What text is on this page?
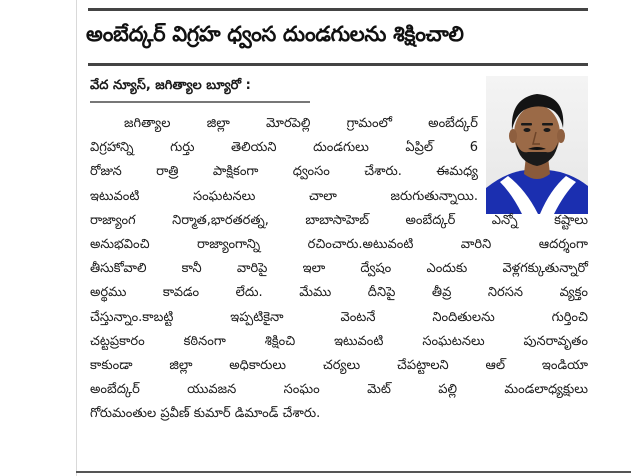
అంబేద్కర్ విగ్రహ ధ్వంస దుండగులను శిక్షించాలి
వేద న్యూస్, జగిత్యాల బ్యూరో :
జగిత్యాల జిల్లా మోరపెల్లి గ్రామంలో అంబేద్కర్
విగ్రహాన్ని గుర్తు తెలియని దుండగులు ఏప్రిల్ 6
రోజున రాత్రి పాక్షికంగా ధ్వంసం చేశారు. ఈమధ్య
ఇటువంటి సంఘటనలు చాలా జరుగుతున్నాయి.
రాజ్యాంగ నిర్మాత,భారతరత్న, బాబాసాహెబ్ అంబేద్కర్ ఎన్నో కష్టాలు
అనుభవించి రాజ్యాంగాన్ని రచించారు.అటువంటి వారిని ఆదర్శంగా
తీసుకోవాలి కానీ వారిపై ఇలా ద్వేషం ఎందుకు వెళ్లగక్కుతున్నారో
అర్థము కావడం లేదు. మేము దీనిపై తీవ్ర నిరసన వ్యక్తం
చేస్తున్నాం.కాబట్టి ఇప్పటికైనా వెంటనే నిందితులను గుర్తించి
చట్టప్రకారం కఠినంగా శిక్షించి ఇటువంటి సంఘటనలు పునరావృతం
కాకుండా జిల్లా అధికారులు చర్యలు చేపట్టాలని ఆల్ ఇండియా
అంబేద్కర్ యువజన సంఘం మెట్ పల్లి మండలాధ్యక్షులు
గోరుమంతుల ప్రవీణ్ కుమార్ డిమాండ్ చేశారు.
